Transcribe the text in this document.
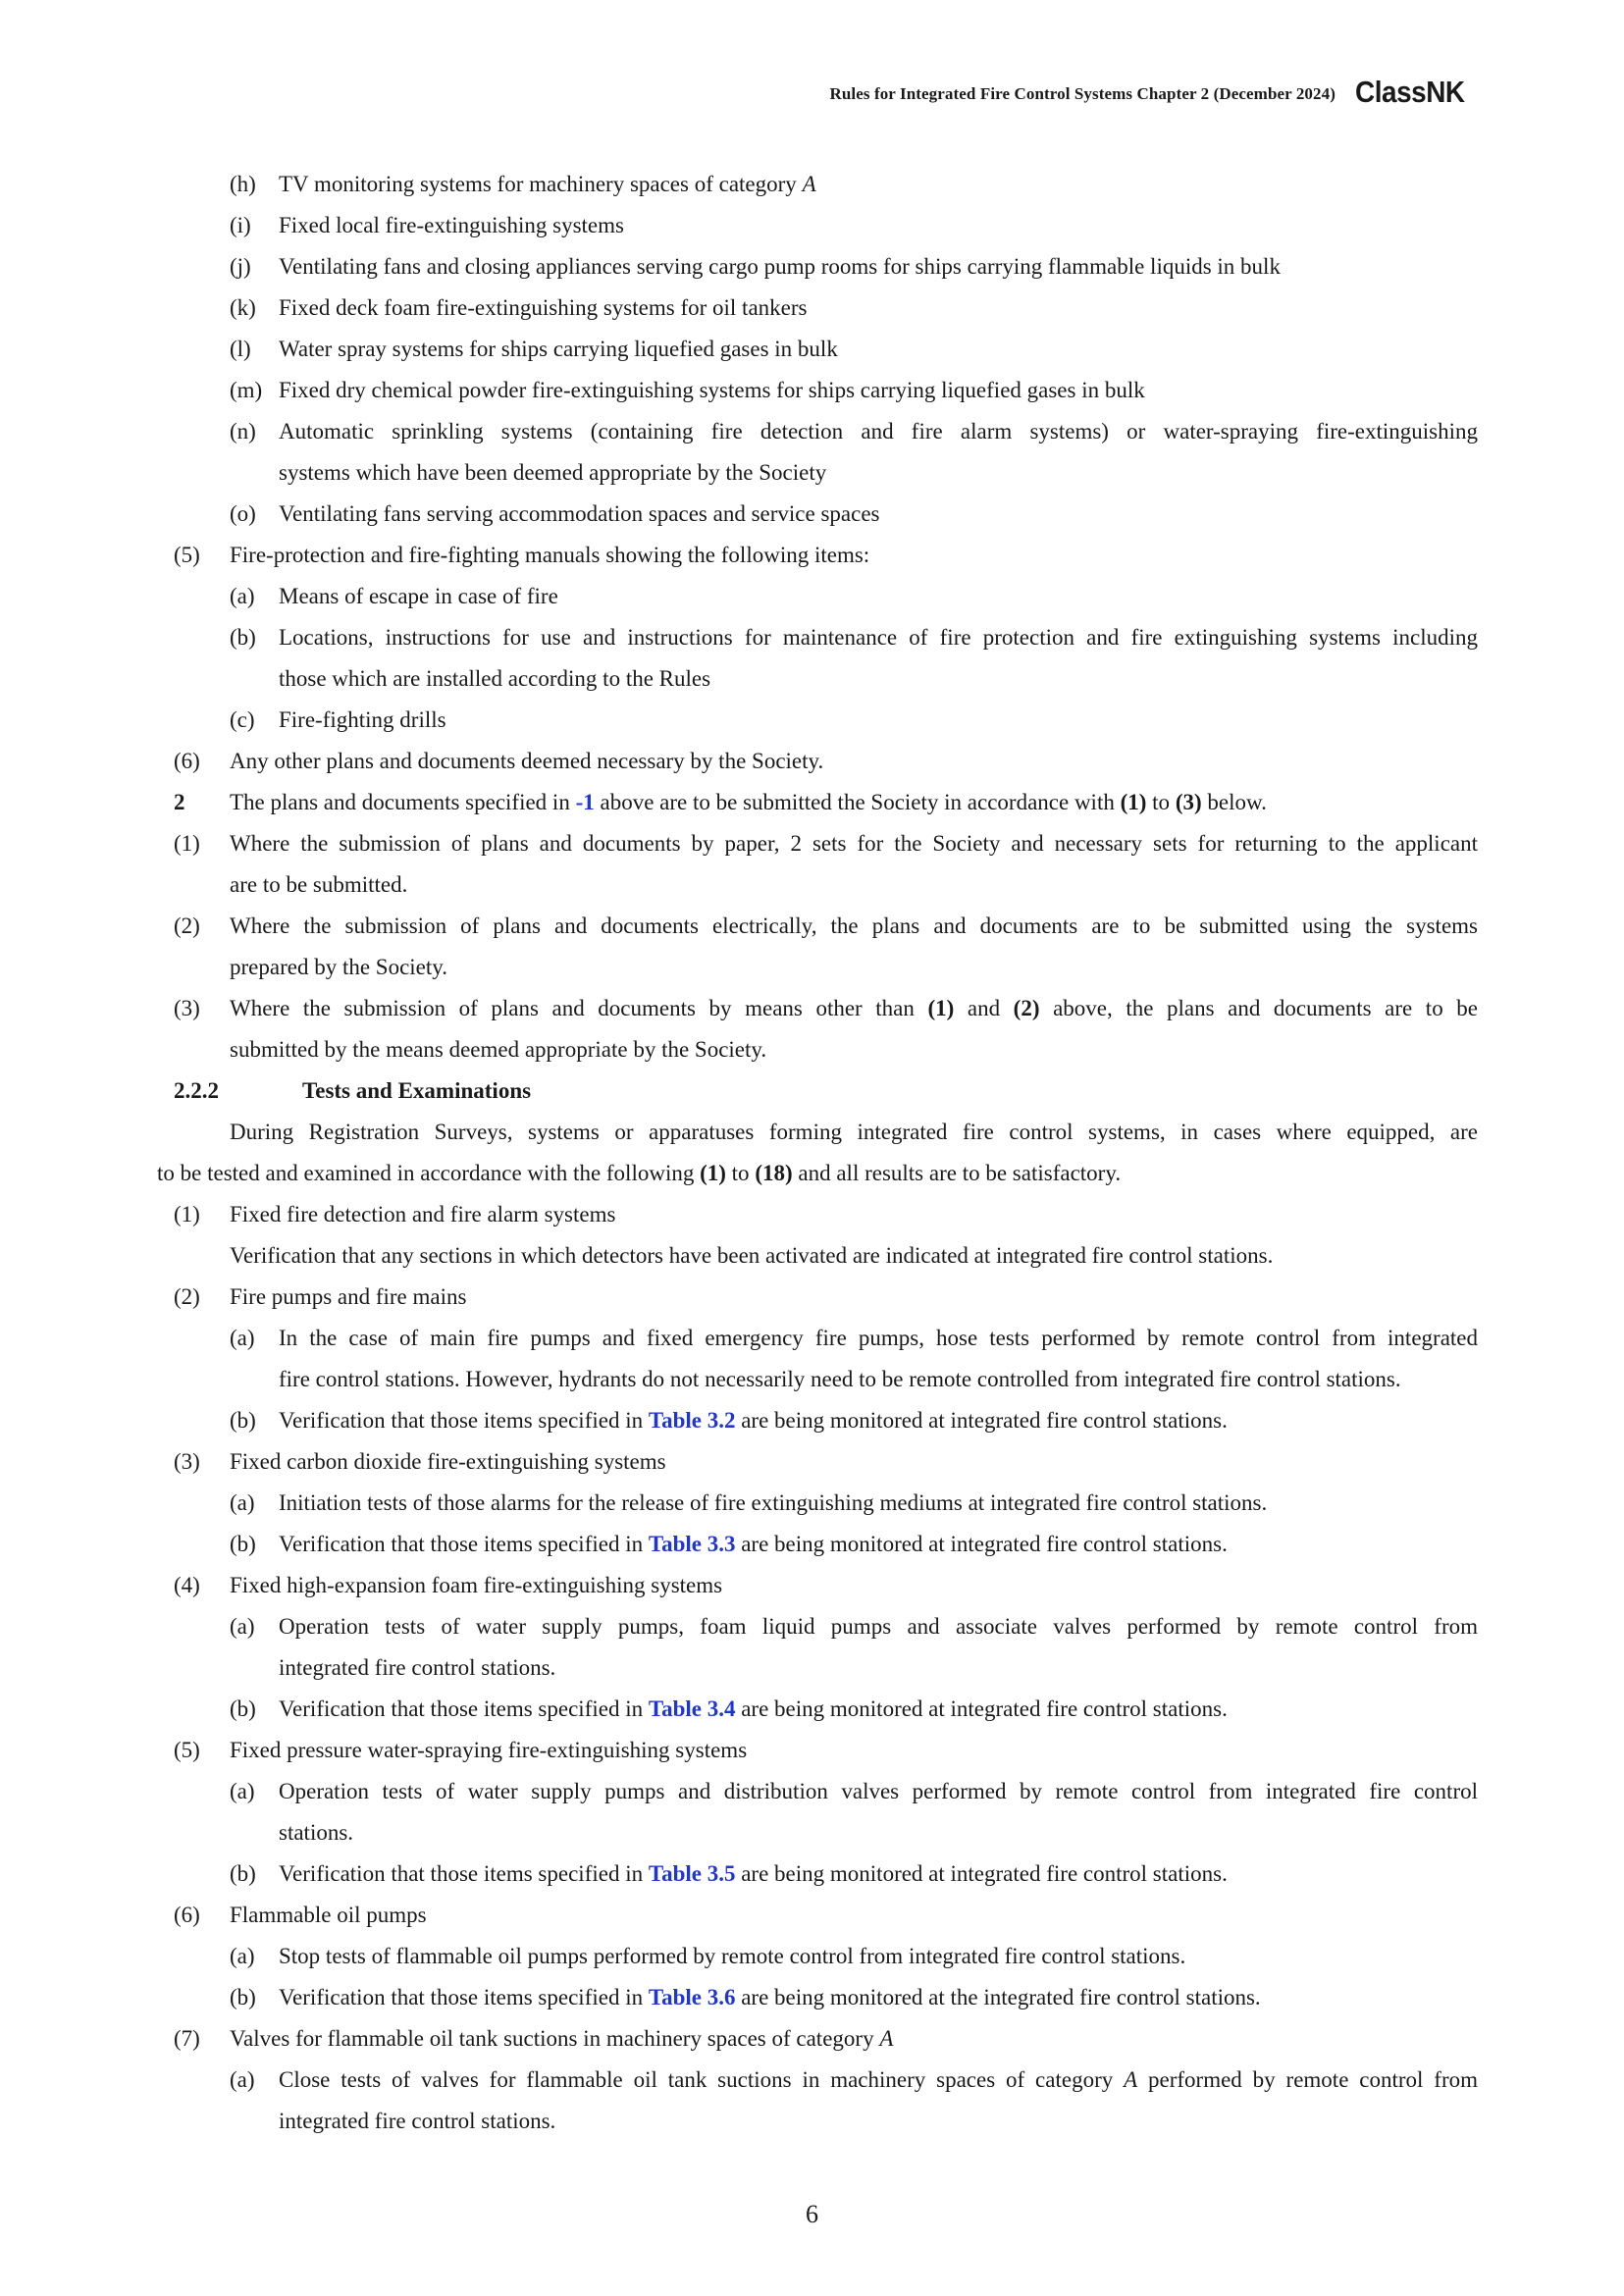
Rules for Integrated Fire Control Systems Chapter 2 (December 2024) ClassNK
(h) TV monitoring systems for machinery spaces of category A
(i) Fixed local fire-extinguishing systems
(j) Ventilating fans and closing appliances serving cargo pump rooms for ships carrying flammable liquids in bulk
(k) Fixed deck foam fire-extinguishing systems for oil tankers
(l) Water spray systems for ships carrying liquefied gases in bulk
(m) Fixed dry chemical powder fire-extinguishing systems for ships carrying liquefied gases in bulk
(n) Automatic sprinkling systems (containing fire detection and fire alarm systems) or water-spraying fire-extinguishing
systems which have been deemed appropriate by the Society
(o) Ventilating fans serving accommodation spaces and service spaces
(5) Fire-protection and fire-fighting manuals showing the following items:
(a) Means of escape in case of fire
(b) Locations, instructions for use and instructions for maintenance of fire protection and fire extinguishing systems including
those which are installed according to the Rules
(c) Fire-fighting drills
(6) Any other plans and documents deemed necessary by the Society.
2 The plans and documents specified in -1 above are to be submitted the Society in accordance with (1) to (3) below.
(1) Where the submission of plans and documents by paper, 2 sets for the Society and necessary sets for returning to the applicant
are to be submitted.
(2) Where the submission of plans and documents electrically, the plans and documents are to be submitted using the systems
prepared by the Society.
(3) Where the submission of plans and documents by means other than (1) and (2) above, the plans and documents are to be
submitted by the means deemed appropriate by the Society.
2.2.2	Tests and Examinations
During Registration Surveys, systems or apparatuses forming integrated fire control systems, in cases where equipped, are
to be tested and examined in accordance with the following (1) to (18) and all results are to be satisfactory.
(1) Fixed fire detection and fire alarm systems
Verification that any sections in which detectors have been activated are indicated at integrated fire control stations.
(2) Fire pumps and fire mains
(a) In the case of main fire pumps and fixed emergency fire pumps, hose tests performed by remote control from integrated
fire control stations. However, hydrants do not necessarily need to be remote controlled from integrated fire control stations.
(b) Verification that those items specified in Table 3.2 are being monitored at integrated fire control stations.
(3) Fixed carbon dioxide fire-extinguishing systems
(a) Initiation tests of those alarms for the release of fire extinguishing mediums at integrated fire control stations.
(b) Verification that those items specified in Table 3.3 are being monitored at integrated fire control stations.
(4) Fixed high-expansion foam fire-extinguishing systems
(a) Operation tests of water supply pumps, foam liquid pumps and associate valves performed by remote control from
integrated fire control stations.
(b) Verification that those items specified in Table 3.4 are being monitored at integrated fire control stations.
(5) Fixed pressure water-spraying fire-extinguishing systems
(a) Operation tests of water supply pumps and distribution valves performed by remote control from integrated fire control
stations.
(b) Verification that those items specified in Table 3.5 are being monitored at integrated fire control stations.
(6) Flammable oil pumps
(a) Stop tests of flammable oil pumps performed by remote control from integrated fire control stations.
(b) Verification that those items specified in Table 3.6 are being monitored at the integrated fire control stations.
(7) Valves for flammable oil tank suctions in machinery spaces of category A
(a) Close tests of valves for flammable oil tank suctions in machinery spaces of category A performed by remote control from
integrated fire control stations.
6
